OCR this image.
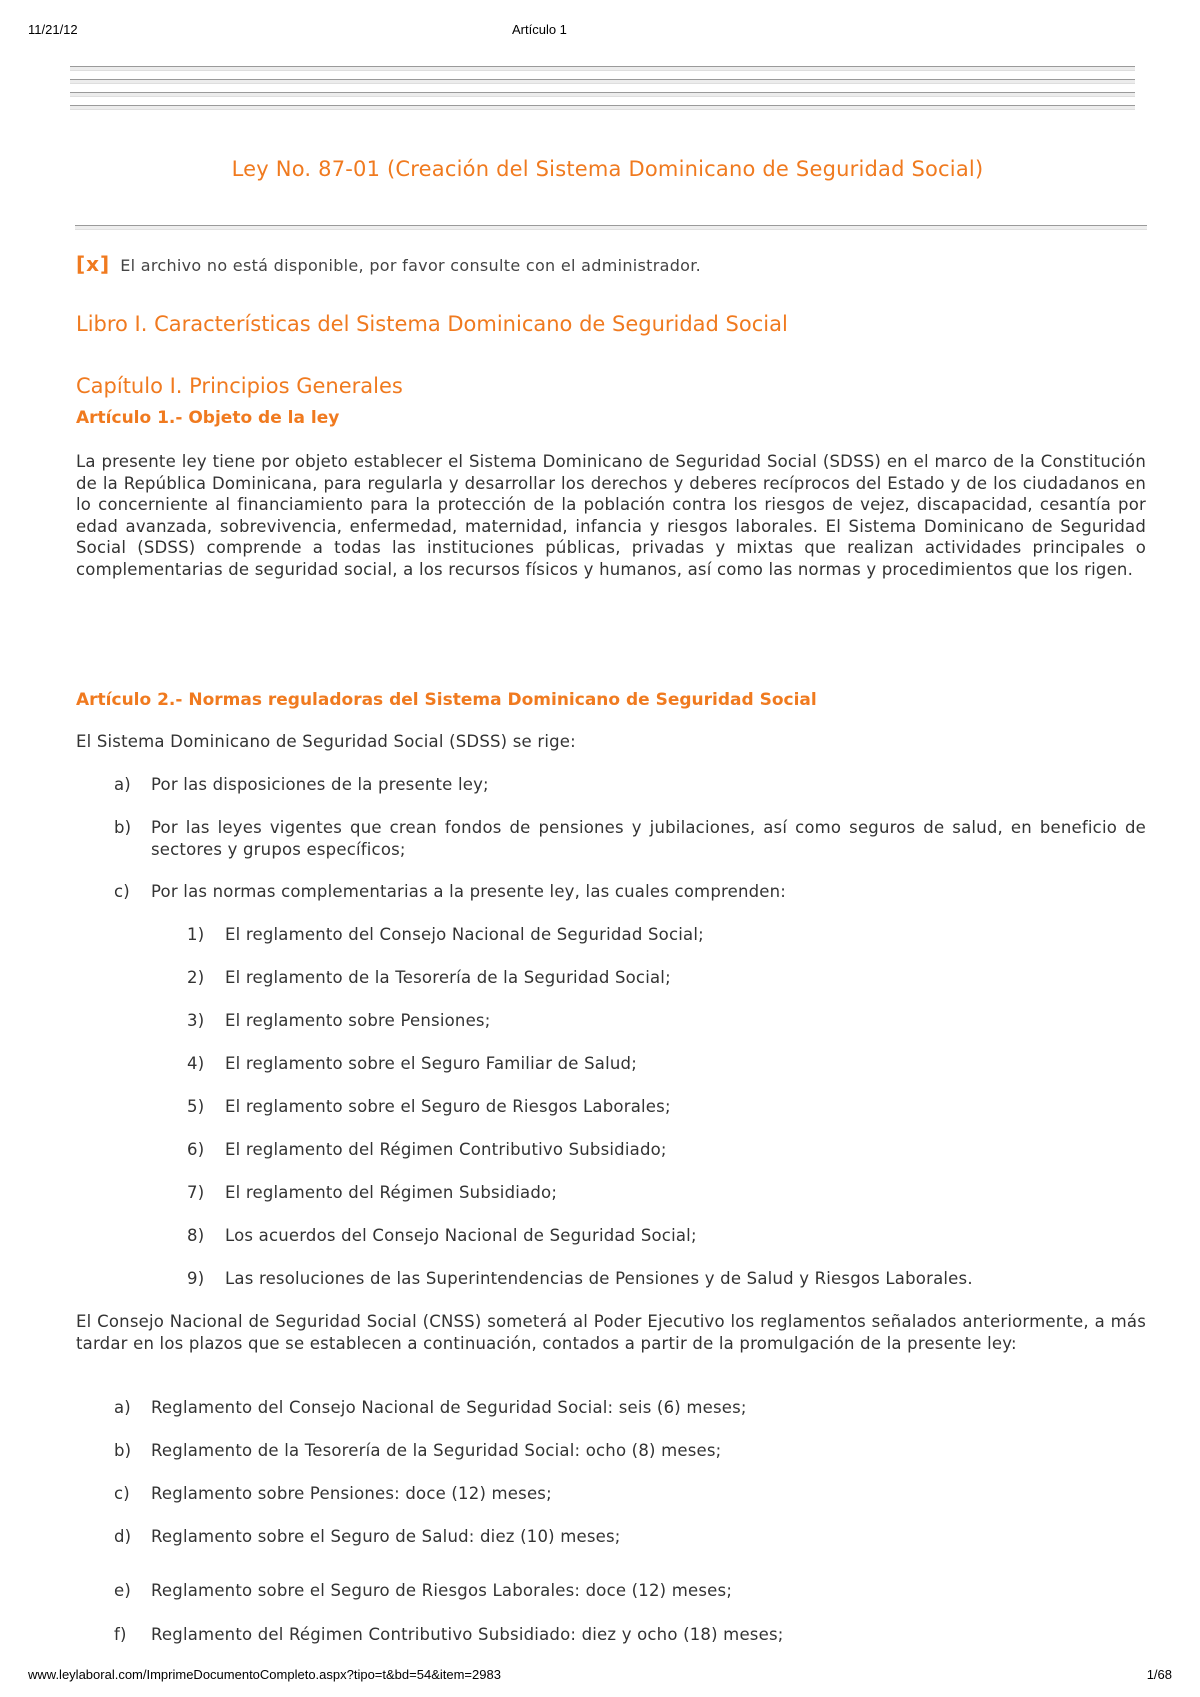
11/21/12	Artículo 1
Ley No. 87-01 (Creación del Sistema Dominicano de Seguridad Social)
[x] El archivo no está disponible, por favor consulte con el administrador.
Libro I. Características del Sistema Dominicano de Seguridad Social
Capítulo I. Principios Generales
Artículo 1.- Objeto de la ley
La presente ley tiene por objeto establecer el Sistema Dominicano de Seguridad Social (SDSS) en el marco de la Constitución de la República Dominicana, para regularla y desarrollar los derechos y deberes recíprocos del Estado y de los ciudadanos en lo concerniente al financiamiento para la protección de la población contra los riesgos de vejez, discapacidad, cesantía por edad avanzada, sobrevivencia, enfermedad, maternidad, infancia y riesgos laborales. El Sistema Dominicano de Seguridad Social (SDSS) comprende a todas las instituciones públicas, privadas y mixtas que realizan actividades principales o complementarias de seguridad social, a los recursos físicos y humanos, así como las normas y procedimientos que los rigen.
Artículo 2.- Normas reguladoras del Sistema Dominicano de Seguridad Social
El Sistema Dominicano de Seguridad Social (SDSS) se rige:
a) Por las disposiciones de la presente ley;
b)	Por las leyes vigentes que crean fondos de pensiones y jubilaciones, así como seguros de salud, en beneficio de sectores y grupos específicos;
c) Por las normas complementarias a la presente ley, las cuales comprenden:
1) El reglamento del Consejo Nacional de Seguridad Social;
2) El reglamento de la Tesorería de la Seguridad Social;
3) El reglamento sobre Pensiones;
4) El reglamento sobre el Seguro Familiar de Salud;
5) El reglamento sobre el Seguro de Riesgos Laborales;
6) El reglamento del Régimen Contributivo Subsidiado;
7) El reglamento del Régimen Subsidiado;
8) Los acuerdos del Consejo Nacional de Seguridad Social;
9) Las resoluciones de las Superintendencias de Pensiones y de Salud y Riesgos Laborales.
El Consejo Nacional de Seguridad Social (CNSS) someterá al Poder Ejecutivo los reglamentos señalados anteriormente, a más tardar en los plazos que se establecen a continuación, contados a partir de la promulgación de la presente ley:
a) Reglamento del Consejo Nacional de Seguridad Social: seis (6) meses;
b) Reglamento de la Tesorería de la Seguridad Social: ocho (8) meses;
c) Reglamento sobre Pensiones: doce (12) meses;
d) Reglamento sobre el Seguro de Salud: diez (10) meses;
e) Reglamento sobre el Seguro de Riesgos Laborales: doce (12) meses;
f) Reglamento del Régimen Contributivo Subsidiado: diez y ocho (18) meses;
www.leylaboral.com/ImprimeDocumentoCompleto.aspx?tipo=t&bd=54&item=2983	1/68
